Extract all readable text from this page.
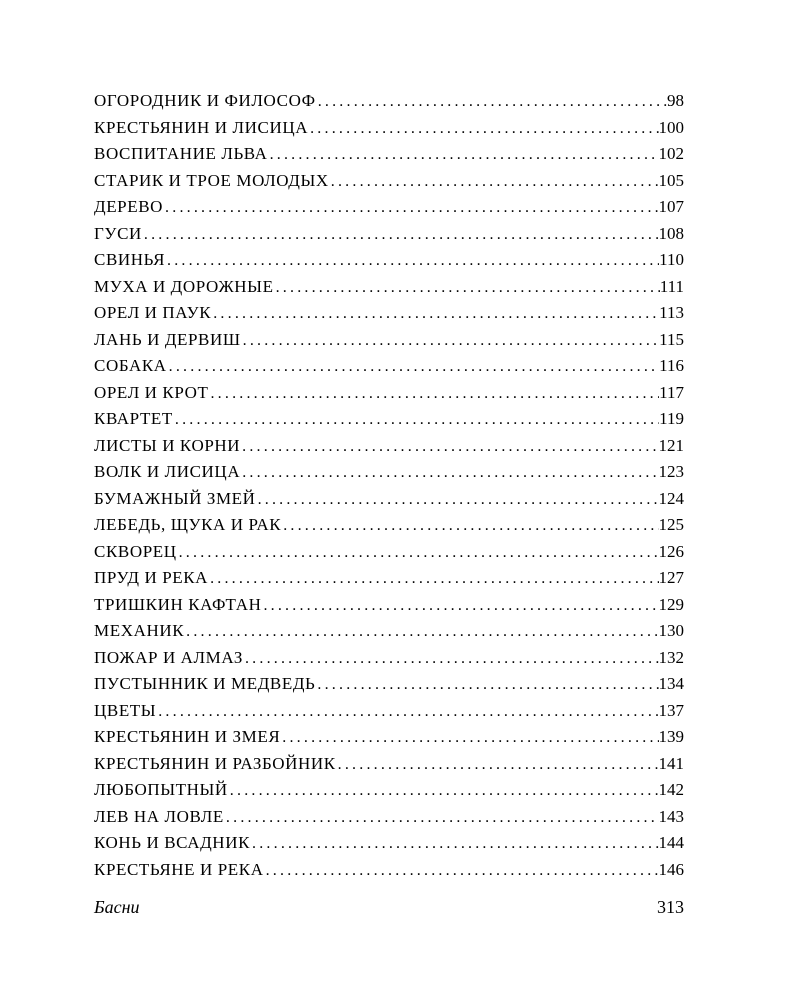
ОГОРОДНИК И ФИЛОСОФ .....	98
КРЕСТЬЯНИН И ЛИСИЦА .....	100
ВОСПИТАНИЕ ЛЬВА .....	102
СТАРИК И ТРОЕ МОЛОДЫХ .....	105
ДЕРЕВО .....	107
ГУСИ .....	108
СВИНЬЯ .....	110
МУХА И ДОРОЖНЫЕ .....	111
ОРЕЛ И ПАУК .....	113
ЛАНЬ И ДЕРВИШ .....	115
СОБАКА .....	116
ОРЕЛ И КРОТ .....	117
КВАРТЕТ .....	119
ЛИСТЫ И КОРНИ .....	121
ВОЛК И ЛИСИЦА .....	123
БУМАЖНЫЙ ЗМЕЙ .....	124
ЛЕБЕДЬ, ЩУКА И РАК .....	125
СКВОРЕЦ .....	126
ПРУД И РЕКА .....	127
ТРИШКИН КАФТАН .....	129
МЕХАНИК .....	130
ПОЖАР И АЛМАЗ .....	132
ПУСТЫННИК И МЕДВЕДЬ .....	134
ЦВЕТЫ .....	137
КРЕСТЬЯНИН И ЗМЕЯ .....	139
КРЕСТЬЯНИН И РАЗБОЙНИК .....	141
ЛЮБОПЫТНЫЙ .....	142
ЛЕВ НА ЛОВЛЕ .....	143
КОНЬ И ВСАДНИК .....	144
КРЕСТЬЯНЕ И РЕКА .....	146
Басни	313
